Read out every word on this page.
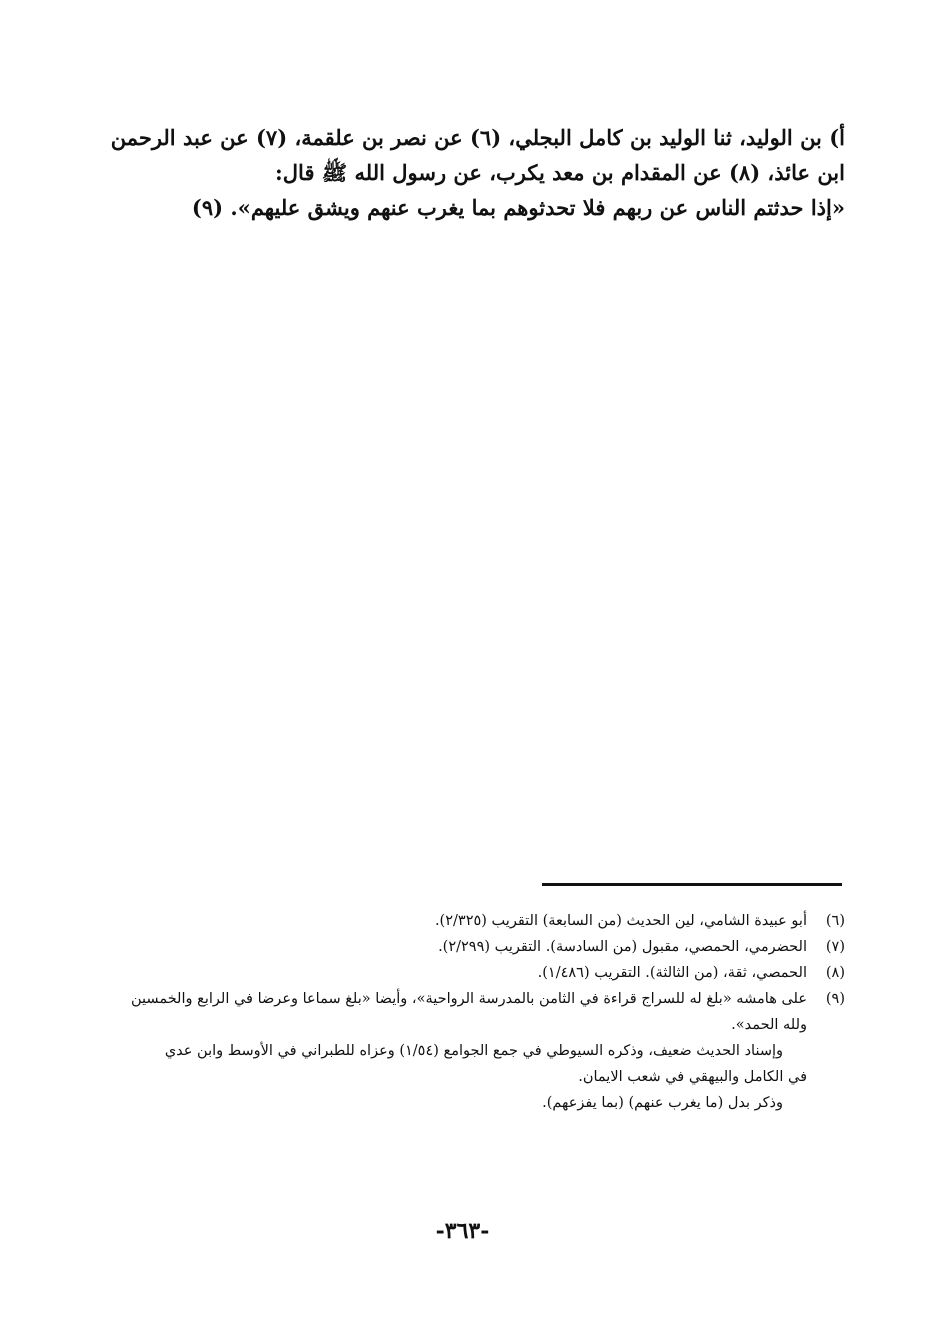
أ) بن الوليد، ثنا الوليد بن كامل البجلي، (٦) عن نصر بن علقمة، (٧) عن عبد الرحمن
ابن عائذ، (٨) عن المقدام بن معد يكرب، عن رسول الله ﷺ قال:
«إذا حدثتم الناس عن ربهم فلا تحدثوهم بما يغرب عنهم ويشق عليهم». (٩)
(٦)
أبو عبيدة الشامي، لين الحديث (من السابعة) التقريب (٢/٣٢٥).
(٧)
الحضرمي، الحمصي، مقبول (من السادسة). التقريب (٢/٢٩٩).
(٨)
الحمصي، ثقة، (من الثالثة). التقريب (١/٤٨٦).
(٩)
على هامشه «بلغ له للسراج قراءة في الثامن بالمدرسة الرواحية»، وأيضا «بلغ سماعا وعرضا في الرابع والخمسين
ولله الحمد».
وإسناد الحديث ضعيف، وذكره السيوطي في جمع الجوامع (١/٥٤) وعزاه للطبراني في الأوسط وابن عدي
في الكامل والبيهقي في شعب الايمان.
وذكر بدل (ما يغرب عنهم) (بما يفزعهم).
-٣٦٣-
